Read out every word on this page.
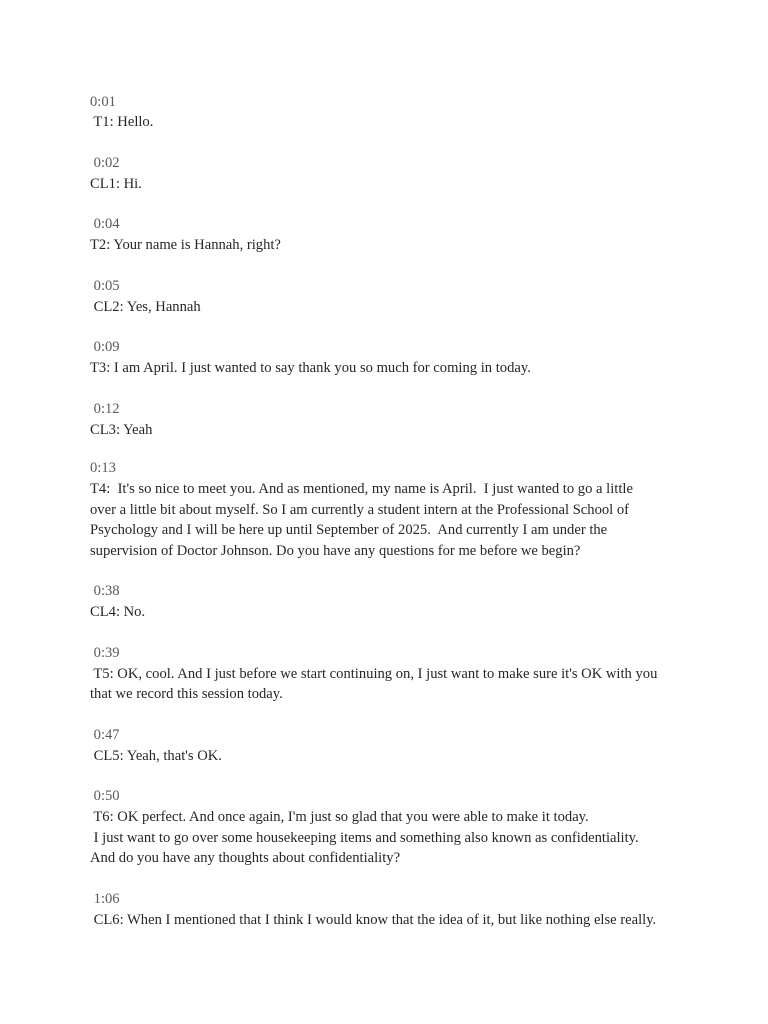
0:01
T1: Hello.
0:02
CL1: Hi.
0:04
T2: Your name is Hannah, right?
0:05
CL2: Yes, Hannah
0:09
T3: I am April. I just wanted to say thank you so much for coming in today.
0:12
CL3: Yeah
0:13
T4:  It's so nice to meet you. And as mentioned, my name is April.  I just wanted to go a little
over a little bit about myself. So I am currently a student intern at the Professional School of
Psychology and I will be here up until September of 2025.  And currently I am under the
supervision of Doctor Johnson. Do you have any questions for me before we begin?
0:38
CL4: No.
0:39
T5: OK, cool. And I just before we start continuing on, I just want to make sure it's OK with you
that we record this session today.
0:47
CL5: Yeah, that's OK.
0:50
T6: OK perfect. And once again, I'm just so glad that you were able to make it today.
I just want to go over some housekeeping items and something also known as confidentiality.
And do you have any thoughts about confidentiality?
1:06
CL6: When I mentioned that I think I would know that the idea of it, but like nothing else really.
